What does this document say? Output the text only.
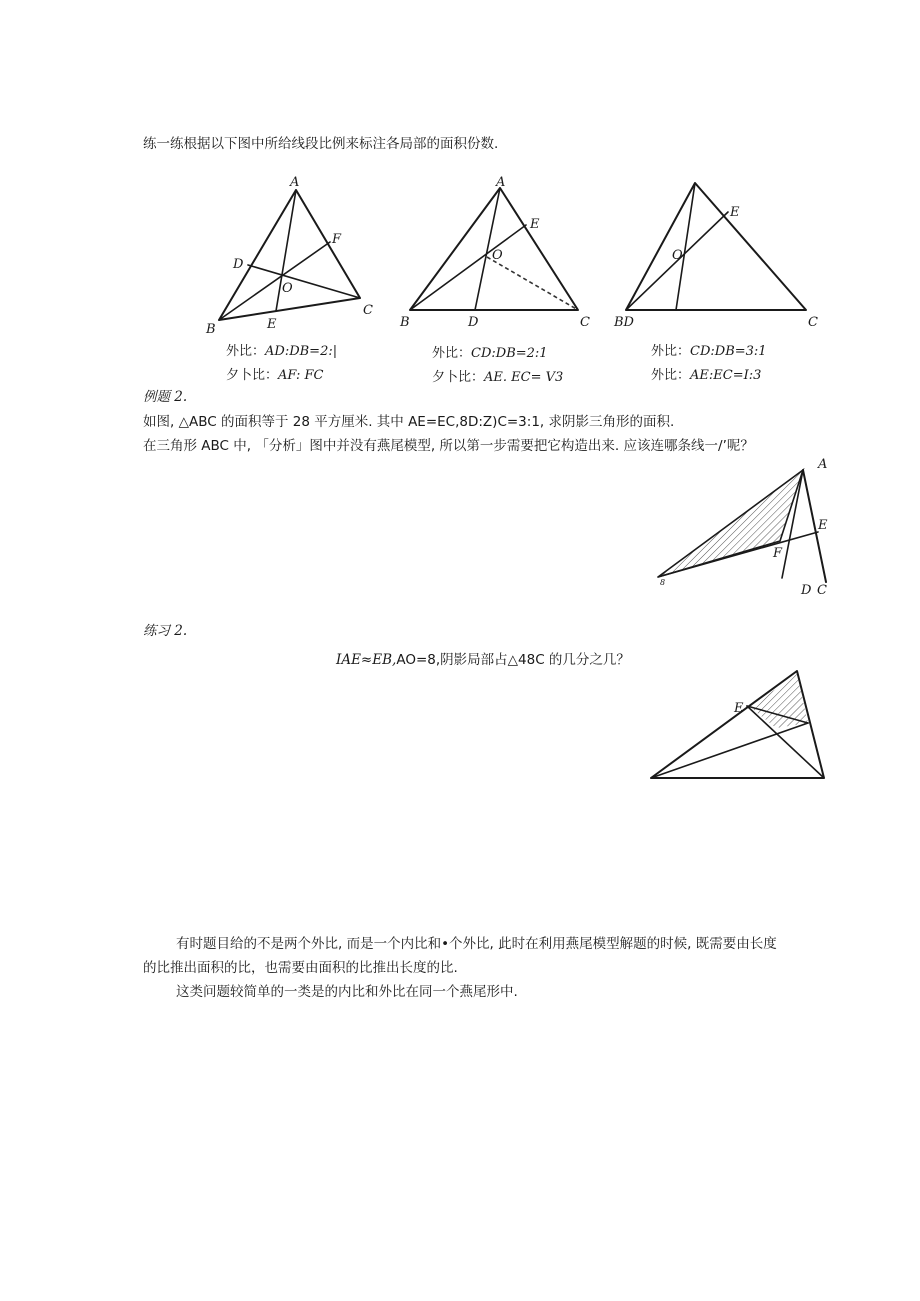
练一练根据以下图中所给线段比例来标注各局部的面积份数.
A
B
C
D
E
F
O
A
B	C
D
E
O
BD	C
E
O
外比：AD:DB=2:|
夕卜比：AF: FC
外比：CD:DB=2:1
夕卜比：AE. EC= V3
外比：CD:DB=3:1
外比：AE:EC=I:3
例题 2.
如图, △ABC 的面积等于 28 平方厘米. 其中 AE=EC,8D:Z)C=3:1, 求阴影三角形的面积.
在三角形 ABC 中, 「分析」图中并没有燕尾模型, 所以第一步需要把它构造出来. 应该连哪条线一/’呢？
A
E
F
D C
8
练习 2.
IAE≈EB,AO=8,阴影局部占△48C 的几分之几？
E
有时题目给的不是两个外比, 而是一个内比和•个外比, 此时在利用燕尾模型解题的时候, 既需要由长度
的比推出面积的比，也需要由面积的比推出长度的比.
这类问题较简单的一类是的内比和外比在同一个燕尾形中.
